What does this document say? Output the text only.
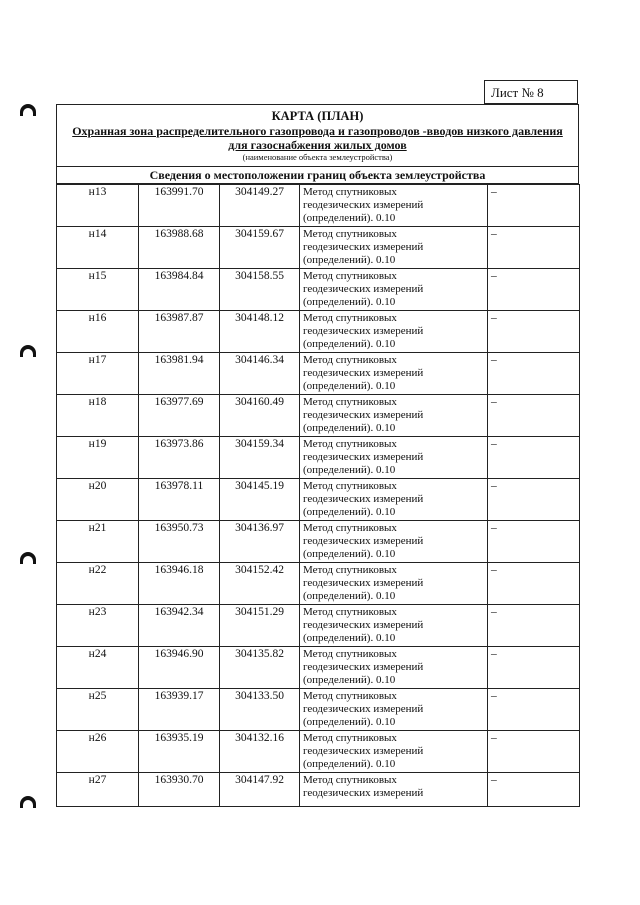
Лист № 8
КАРТА (ПЛАН)
Охранная зона распределительного газопровода и газопроводов -вводов низкого давления
для газоснабжения жилых домов
(наименование объекта землеустройства)
Сведения о местоположении границ объекта землеустройства
н13	163991.70	304149.27	Метод спутниковых
геодезических измерений
(определений). 0.10	–
н14	163988.68	304159.67	Метод спутниковых
геодезических измерений
(определений). 0.10	–
н15	163984.84	304158.55	Метод спутниковых
геодезических измерений
(определений). 0.10	–
н16	163987.87	304148.12	Метод спутниковых
геодезических измерений
(определений). 0.10	–
н17	163981.94	304146.34	Метод спутниковых
геодезических измерений
(определений). 0.10	–
н18	163977.69	304160.49	Метод спутниковых
геодезических измерений
(определений). 0.10	–
н19	163973.86	304159.34	Метод спутниковых
геодезических измерений
(определений). 0.10	–
н20	163978.11	304145.19	Метод спутниковых
геодезических измерений
(определений). 0.10	–
н21	163950.73	304136.97	Метод спутниковых
геодезических измерений
(определений). 0.10	–
н22	163946.18	304152.42	Метод спутниковых
геодезических измерений
(определений). 0.10	–
н23	163942.34	304151.29	Метод спутниковых
геодезических измерений
(определений). 0.10	–
н24	163946.90	304135.82	Метод спутниковых
геодезических измерений
(определений). 0.10	–
н25	163939.17	304133.50	Метод спутниковых
геодезических измерений
(определений). 0.10	–
н26	163935.19	304132.16	Метод спутниковых
геодезических измерений
(определений). 0.10	–
н27	163930.70	304147.92	Метод спутниковых
геодезических измерений	–
